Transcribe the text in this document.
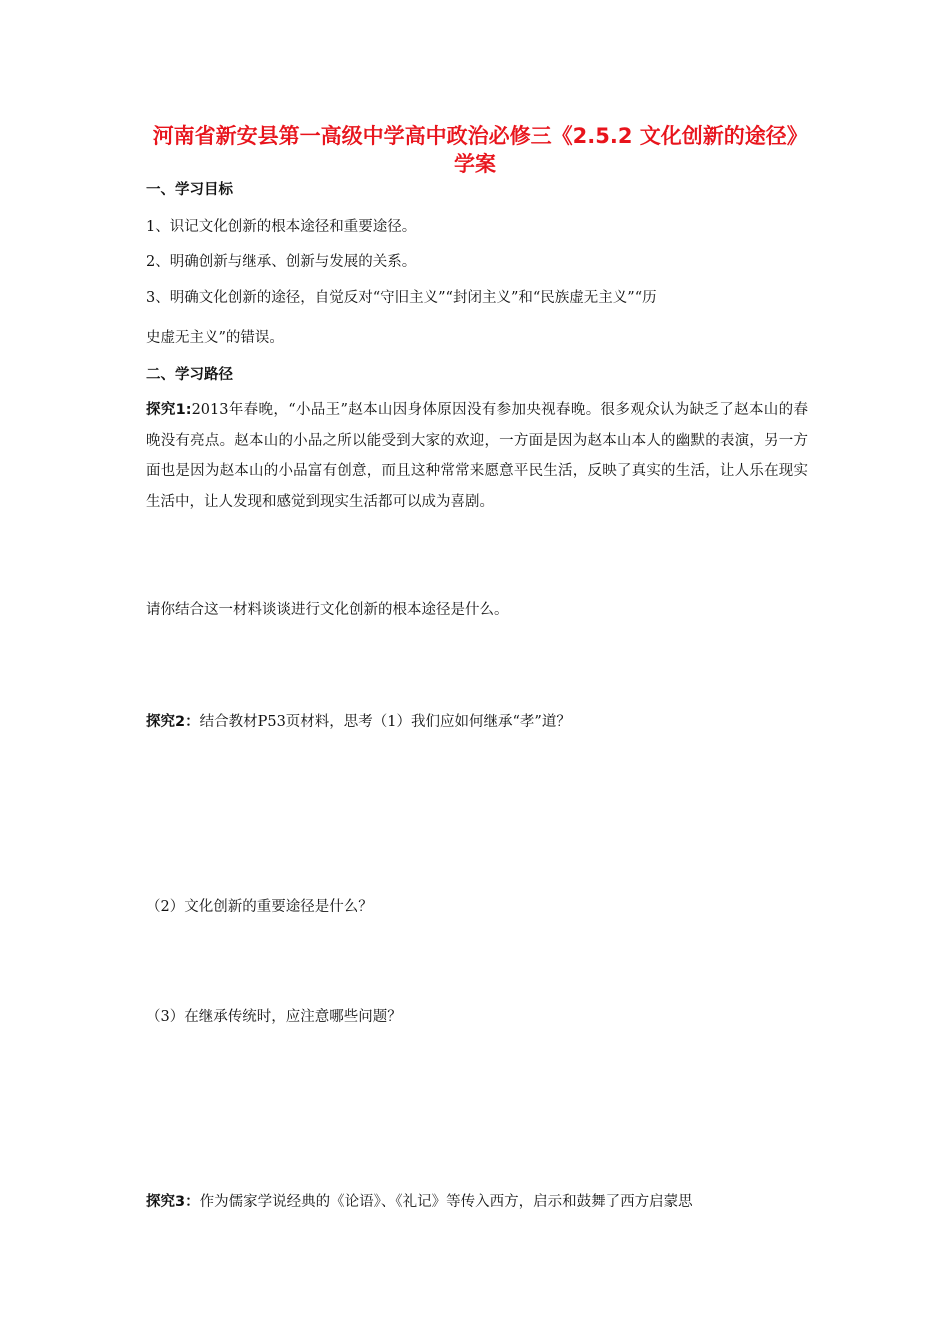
河南省新安县第一高级中学高中政治必修三《2.5.2 文化创新的途径》学案
一、学习目标
1、识记文化创新的根本途径和重要途径。
2、明确创新与继承、创新与发展的关系。
3、明确文化创新的途径，自觉反对“守旧主义”“封闭主义”和“民族虚无主义”“历
史虚无主义”的错误。
二、学习路径
探究1:2013年春晚，“小品王”赵本山因身体原因没有参加央视春晚。很多观众认为缺乏了赵本山的春晚没有亮点。赵本山的小品之所以能受到大家的欢迎，一方面是因为赵本山本人的幽默的表演，另一方面也是因为赵本山的小品富有创意，而且这种常常来愿意平民生活，反映了真实的生活，让人乐在现实生活中，让人发现和感觉到现实生活都可以成为喜剧。
请你结合这一材料谈谈进行文化创新的根本途径是什么。
探究2：结合教材P53页材料，思考（1）我们应如何继承“孝”道？
（2）文化创新的重要途径是什么？
（3）在继承传统时，应注意哪些问题？
探究3：作为儒家学说经典的《论语》、《礼记》等传入西方，启示和鼓舞了西方启蒙思
